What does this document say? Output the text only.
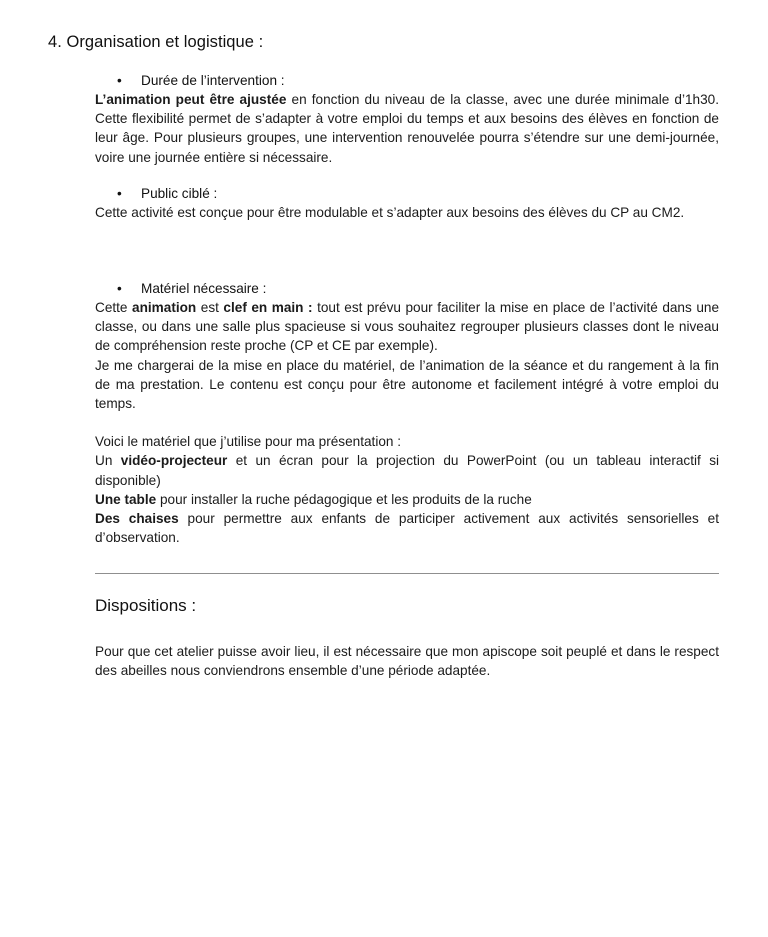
4. Organisation et logistique :
• Durée de l’intervention :

L’animation peut être ajustée en fonction du niveau de la classe, avec une durée minimale d’1h30. Cette flexibilité permet de s’adapter à votre emploi du temps et aux besoins des élèves en fonction de leur âge. Pour plusieurs groupes, une intervention renouvelée pourra s’étendre sur une demi-journée, voire une journée entière si nécessaire.

• Public ciblé :

Cette activité est conçue pour être modulable et s’adapter aux besoins des élèves du CP au CM2.

• Matériel nécessaire :

Cette animation est clef en main : tout est prévu pour faciliter la mise en place de l’activité dans une classe, ou dans une salle plus spacieuse si vous souhaitez regrouper plusieurs classes dont le niveau de compréhension reste proche (CP et CE par exemple).

Je me chargerai de la mise en place du matériel, de l’animation de la séance et du rangement à la fin de ma prestation. Le contenu est conçu pour être autonome et facilement intégré à votre emploi du temps.

Voici le matériel que j’utilise pour ma présentation :

Un vidéo-projecteur et un écran pour la projection du PowerPoint (ou un tableau interactif si disponible)

Une table pour installer la ruche pédagogique et les produits de la ruche

Des chaises pour permettre aux enfants de participer activement aux activités sensorielles et d’observation.

Dispositions :

Pour que cet atelier puisse avoir lieu, il est nécessaire que mon apiscope soit peuplé et dans le respect des abeilles nous conviendrons ensemble d’une période adaptée.
